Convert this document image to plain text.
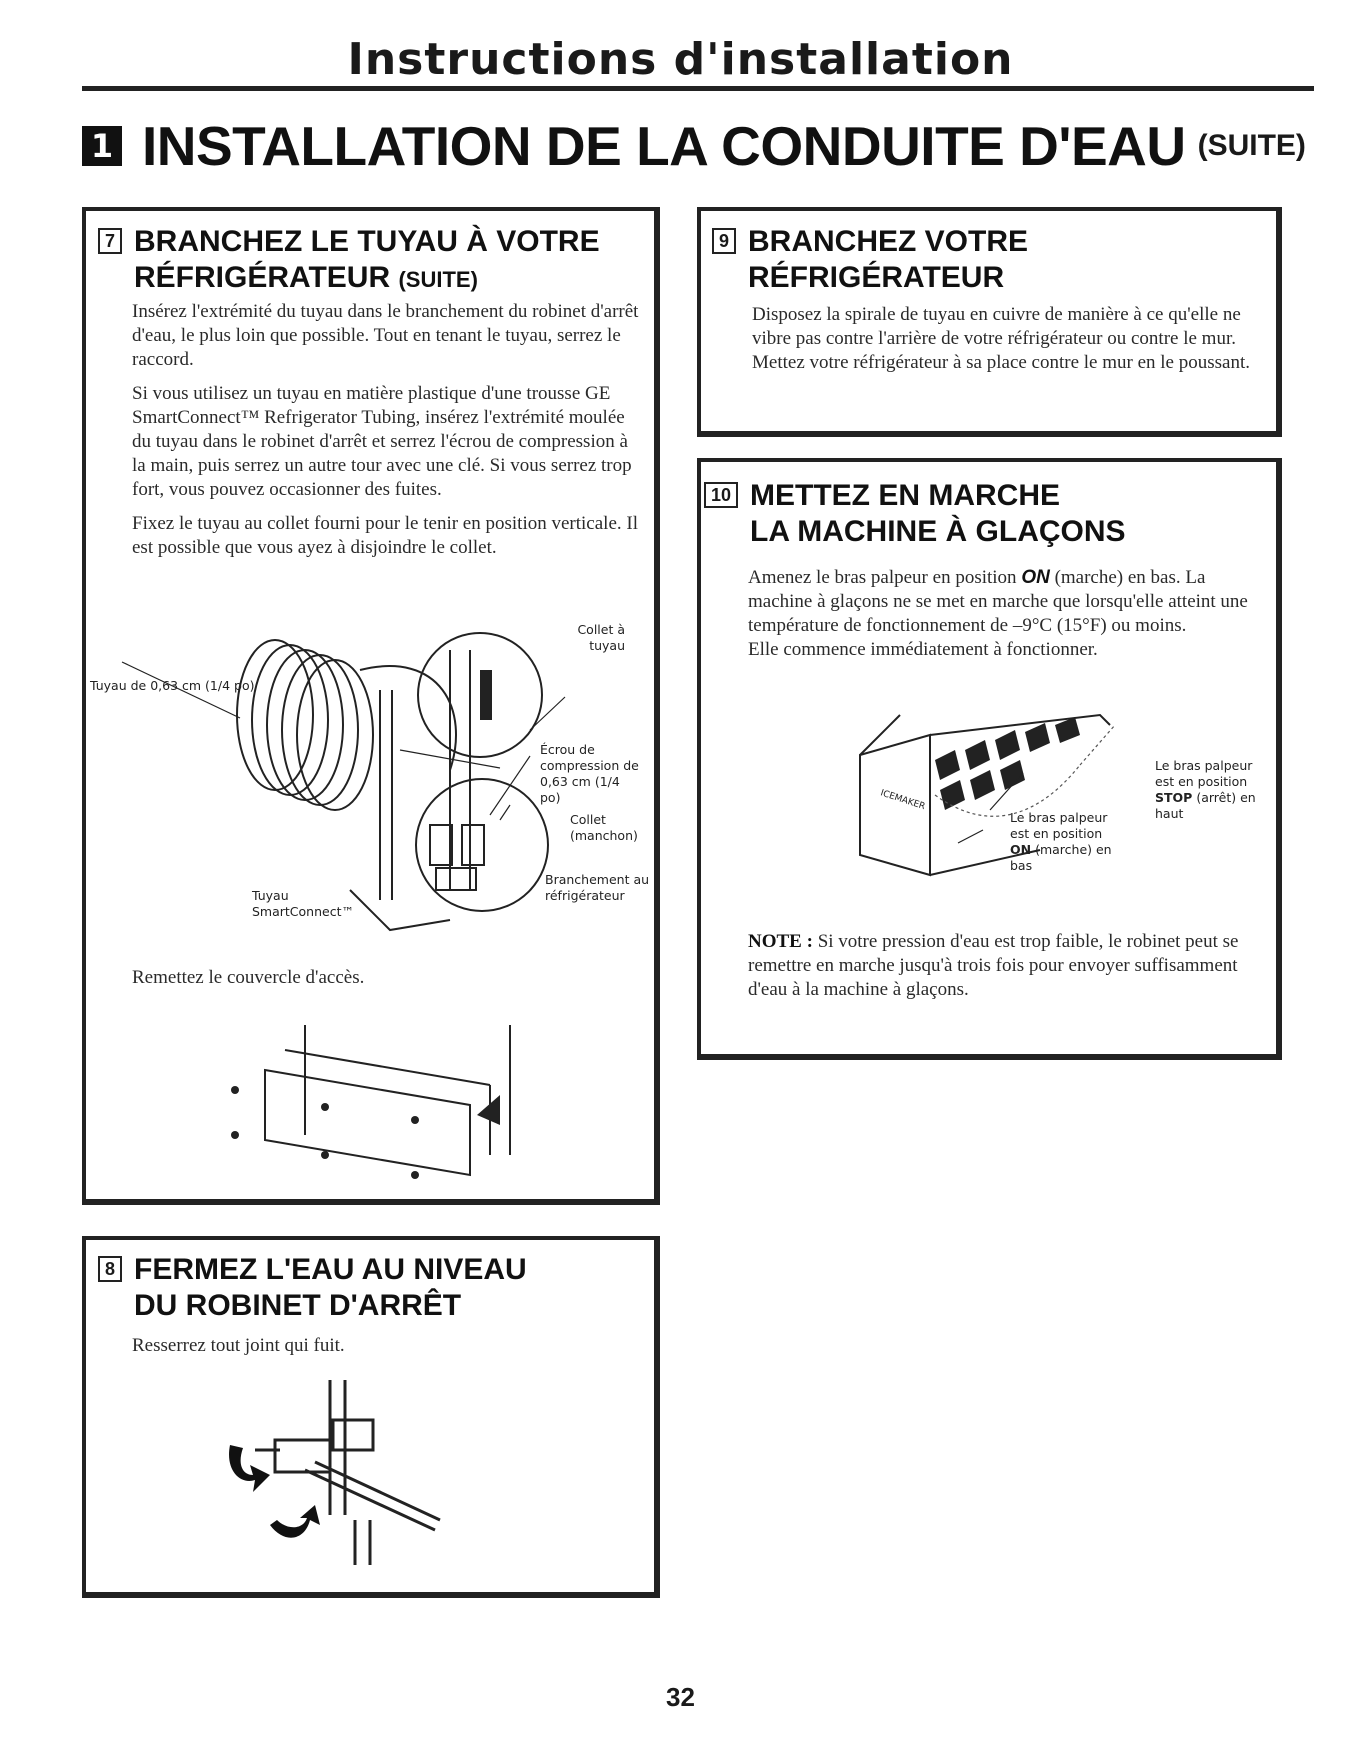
Instructions d'installation
1 INSTALLATION DE LA CONDUITE D'EAU (SUITE)
7 BRANCHEZ LE TUYAU À VOTRE
RÉFRIGÉRATEUR (SUITE)

Insérez l'extrémité du tuyau dans le branchement du robinet d'arrêt d'eau, le plus loin que possible. Tout en tenant le tuyau, serrez le raccord.

Si vous utilisez un tuyau en matière plastique d'une trousse GE SmartConnect™ Refrigerator Tubing, insérez l'extrémité moulée du tuyau dans le robinet d'arrêt et serrez l'écrou de compression à la main, puis serrez un autre tour avec une clé. Si vous serrez trop fort, vous pouvez occasionner des fuites.

Fixez le tuyau au collet fourni pour le tenir en position verticale. Il est possible que vous ayez à disjoindre le collet.

Tuyau de 0,63 cm (1/4 po)
Collet à tuyau
Écrou de compression de 0,63 cm (1/4 po)
Collet (manchon)
Branchement au réfrigérateur
Tuyau SmartConnect™
Remettez le couvercle d'accès.
8 FERMEZ L'EAU AU NIVEAU
DU ROBINET D'ARRÊT
Resserrez tout joint qui fuit.
9 BRANCHEZ VOTRE
RÉFRIGÉRATEUR
Disposez la spirale de tuyau en cuivre de manière à ce qu'elle ne vibre pas contre l'arrière de votre réfrigérateur ou contre le mur. Mettez votre réfrigérateur à sa place contre le mur en le poussant.
10 METTEZ EN MARCHE
LA MACHINE À GLAÇONS

Amenez le bras palpeur en position ON (marche) en bas. La machine à glaçons ne se met en marche que lorsqu'elle atteint une température de fonctionnement de –9°C (15°F) ou moins.

Elle commence immédiatement à fonctionner.

ICEMAKER
Le bras palpeur est en position STOP (arrêt) en haut
Le bras palpeur est en position ON (marche) en bas
NOTE : Si votre pression d'eau est trop faible, le robinet peut se remettre en marche jusqu'à trois fois pour envoyer suffisamment d'eau à la machine à glaçons.
32
